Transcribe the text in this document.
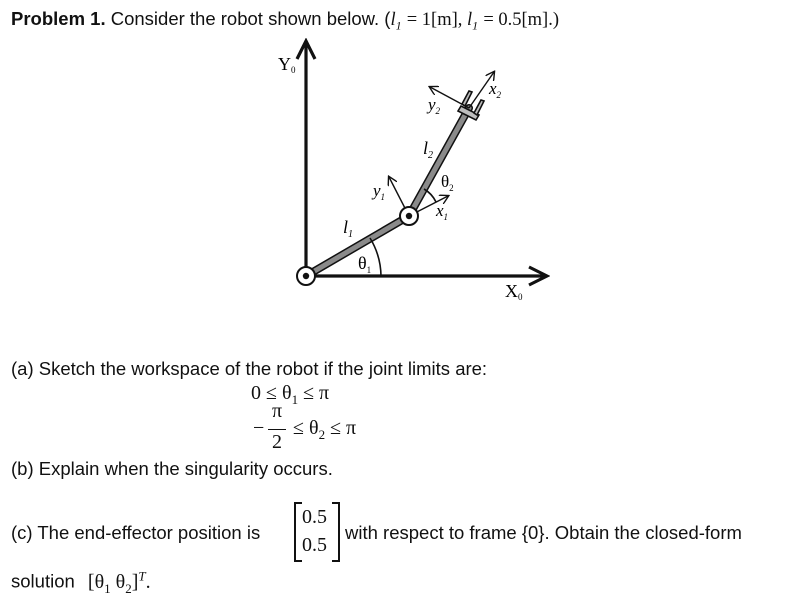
Problem 1. Consider the robot shown below. ($l_1 = 1[m]$, $l_1 = 0.5[m]$.)
Y0
X0
$l_1$
$\theta_1$
$l_2$
$x_1$
$y_1$
$\theta_2$
$x_2$
$y_2$
(a) Sketch the workspace of the robot if the joint limits are:
$0 \le \theta_1 \le \pi$
−
π
2
≤ $\theta_2 \le \pi$
(b) Explain when the singularity occurs.
(c) The end-effector position is
0.5
0.5
with respect to frame {0}. Obtain the closed-form
solution [$\theta_1$ $\theta_2]^T$.
